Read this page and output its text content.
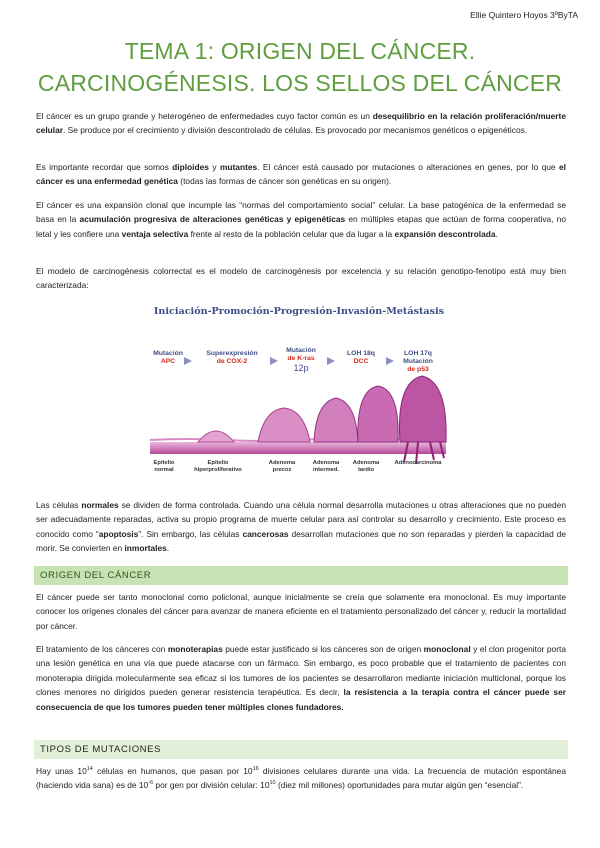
Ellie Quintero Hoyos 3ºByTA
TEMA 1: ORIGEN DEL CÁNCER.
CARCINOGÉNESIS. LOS SELLOS DEL CÁNCER

El cáncer es un grupo grande y heterogéneo de enfermedades cuyo factor común es un desequilibrio en la relación proliferación/muerte celular. Se produce por el crecimiento y división descontrolado de células. Es provocado por mecanismos genéticos o epigenéticos.

Es importante recordar que somos diploides y mutantes. El cáncer está causado por mutaciones o alteraciones en genes, por lo que el cáncer es una enfermedad genética (todas las formas de cáncer son genéticas en su origen).

El cáncer es una expansión clonal que incumple las “normas del comportamiento social” celular. La base patogénica de la enfermedad se basa en la acumulación progresiva de alteraciones genéticas y epigenéticas en múltiples etapas que actúan de forma cooperativa, no letal y les confiere una ventaja selectiva frente al resto de la población celular que da lugar a la expansión descontrolada.

El modelo de carcinogénesis colorrectal es el modelo de carcinogénesis por excelencia y su relación genotipo-fenotipo está muy bien caracterizada:

Iniciación-Promoción-Progresión-Invasión-Metástasis
Mutación
APC
Superexpresión
de COX-2
Mutación
de K-ras
12p
LOH 18q
DCC
LOH 17q
Mutación
de p53
Epitelio
normal
Epitelio
hiperproliferativo
Adenoma
precoz
Adenoma
intermed.
Adenoma
tardío
Adenocarcinoma

Las células normales se dividen de forma controlada. Cuando una célula normal desarrolla mutaciones u otras alteraciones que no pueden ser adecuadamente reparadas, activa su propio programa de muerte celular para así controlar su desarrollo y crecimiento. Este proceso es conocido como “apoptosis”. Sin embargo, las células cancerosas desarrollan mutaciones que no son reparadas y pierden la capacidad de morir. Se convierten en inmortales.

ORIGEN DEL CÁNCER

El cáncer puede ser tanto monoclonal como policlonal, aunque inicialmente se creía que solamente era monoclonal. Es muy importante conocer los orígenes clonales del cáncer para avanzar de manera eficiente en el tratamiento personalizado del cáncer y, reducir la mortalidad por cáncer.

El tratamiento de los cánceres con monoterapias puede estar justificado si los cánceres son de origen monoclonal y el clon progenitor porta una lesión genética en una vía que puede atacarse con un fármaco. Sin embargo, es poco probable que el tratamiento de pacientes con monoterapia dirigida molecularmente sea eficaz si los tumores de los pacientes se desarrollaron mediante iniciación multiclonal, porque los clones menores no dirigidos pueden generar resistencia terapéutica. Es decir, la resistencia a la terapia contra el cáncer puede ser consecuencia de que los tumores pueden tener múltiples clones fundadores.

TIPOS DE MUTACIONES

Hay unas $10^{14}$ células en humanos, que pasan por $10^{16}$ divisiones celulares durante una vida. La frecuencia de mutación espontánea (haciendo vida sana) es de $10^{-6}$ por gen por división celular: $10^{10}$ (diez mil millones) oportunidades para mutar algún gen “esencial”.
